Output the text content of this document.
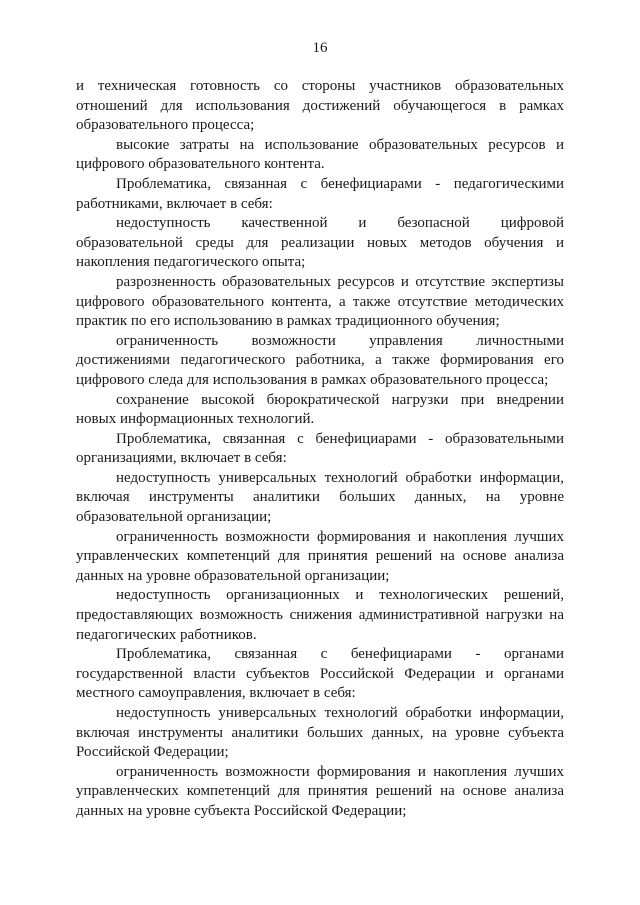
16

и техническая готовность со стороны участников образовательных отношений для использования достижений обучающегося в рамках образовательного процесса;

высокие затраты на использование образовательных ресурсов и цифрового образовательного контента.

Проблематика, связанная с бенефициарами - педагогическими работниками, включает в себя:

недоступность качественной и безопасной цифровой образовательной среды для реализации новых методов обучения и накопления педагогического опыта;

разрозненность образовательных ресурсов и отсутствие экспертизы цифрового образовательного контента, а также отсутствие методических практик по его использованию в рамках традиционного обучения;

ограниченность возможности управления личностными достижениями педагогического работника, а также формирования его цифрового следа для использования в рамках образовательного процесса;

сохранение высокой бюрократической нагрузки при внедрении новых информационных технологий.

Проблематика, связанная с бенефициарами - образовательными организациями, включает в себя:

недоступность универсальных технологий обработки информации, включая инструменты аналитики больших данных, на уровне образовательной организации;

ограниченность возможности формирования и накопления лучших управленческих компетенций для принятия решений на основе анализа данных на уровне образовательной организации;

недоступность организационных и технологических решений, предоставляющих возможность снижения административной нагрузки на педагогических работников.

Проблематика, связанная с бенефициарами - органами государственной власти субъектов Российской Федерации и органами местного самоуправления, включает в себя:

недоступность универсальных технологий обработки информации, включая инструменты аналитики больших данных, на уровне субъекта Российской Федерации;

ограниченность возможности формирования и накопления лучших управленческих компетенций для принятия решений на основе анализа данных на уровне субъекта Российской Федерации;
